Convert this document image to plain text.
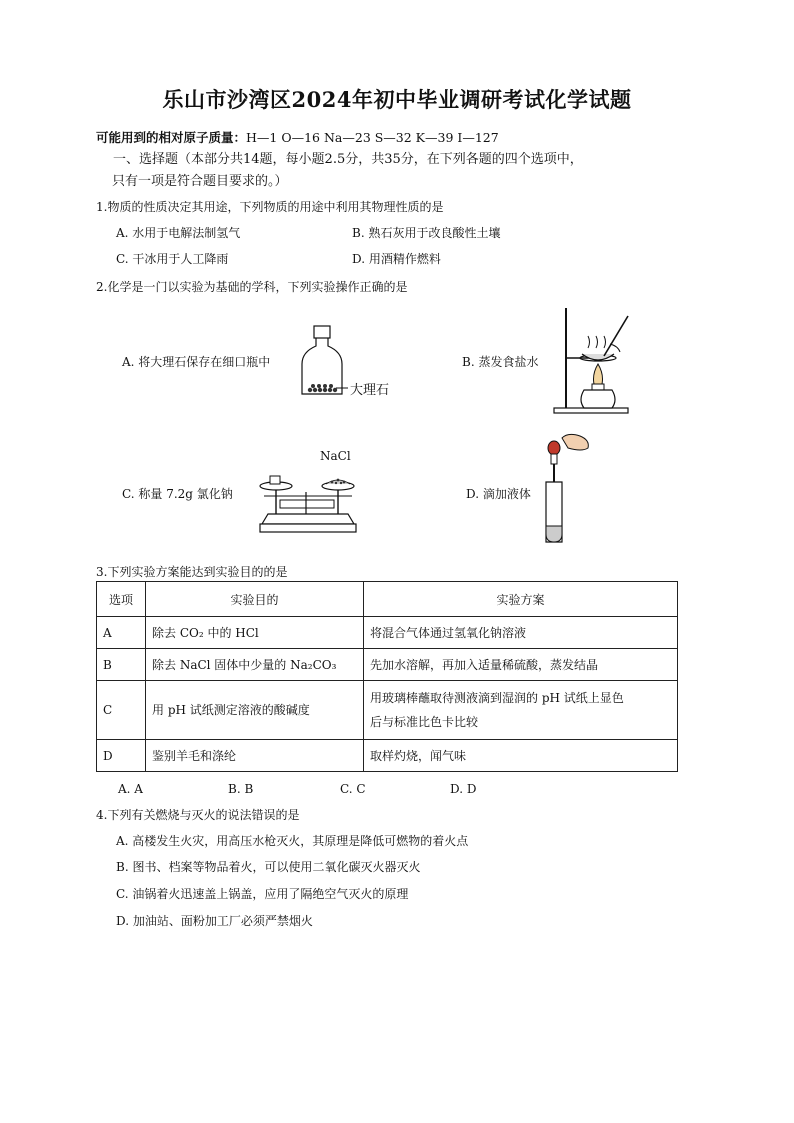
乐山市沙湾区2024年初中毕业调研考试化学试题
可能用到的相对原子质量：H—1 O—16 Na—23 S—32 K—39 I—127
一、选择题（本部分共14题，每小题2.5分，共35分，在下列各题的四个选项中，
只有一项是符合题目要求的。）
1.物质的性质决定其用途，下列物质的用途中利用其物理性质的是
A. 水用于电解法制氢气	B. 熟石灰用于改良酸性土壤
C. 干冰用于人工降雨	D. 用酒精作燃料
2.化学是一门以实验为基础的学科，下列实验操作正确的是
A. 将大理石保存在细口瓶中
大理石
B. 蒸发食盐水
C. 称量 7.2g 氯化钠
NaCl
D. 滴加液体
3.下列实验方案能达到实验目的的是
选项	实验目的	实验方案
A	除去 CO₂ 中的 HCl	将混合气体通过氢氧化钠溶液
B	除去 NaCl 固体中少量的 Na₂CO₃	先加水溶解，再加入适量稀硫酸，蒸发结晶
C	用 pH 试纸测定溶液的酸碱度	用玻璃棒蘸取待测液滴到湿润的 pH 试纸上显色
后与标准比色卡比较

D	鉴别羊毛和涤纶	取样灼烧，闻气味
A. A	B. B	C. C	D. D
4.下列有关燃烧与灭火的说法错误的是
A. 高楼发生火灾，用高压水枪灭火，其原理是降低可燃物的着火点
B. 图书、档案等物品着火，可以使用二氧化碳灭火器灭火
C. 油锅着火迅速盖上锅盖，应用了隔绝空气灭火的原理
D. 加油站、面粉加工厂必须严禁烟火
